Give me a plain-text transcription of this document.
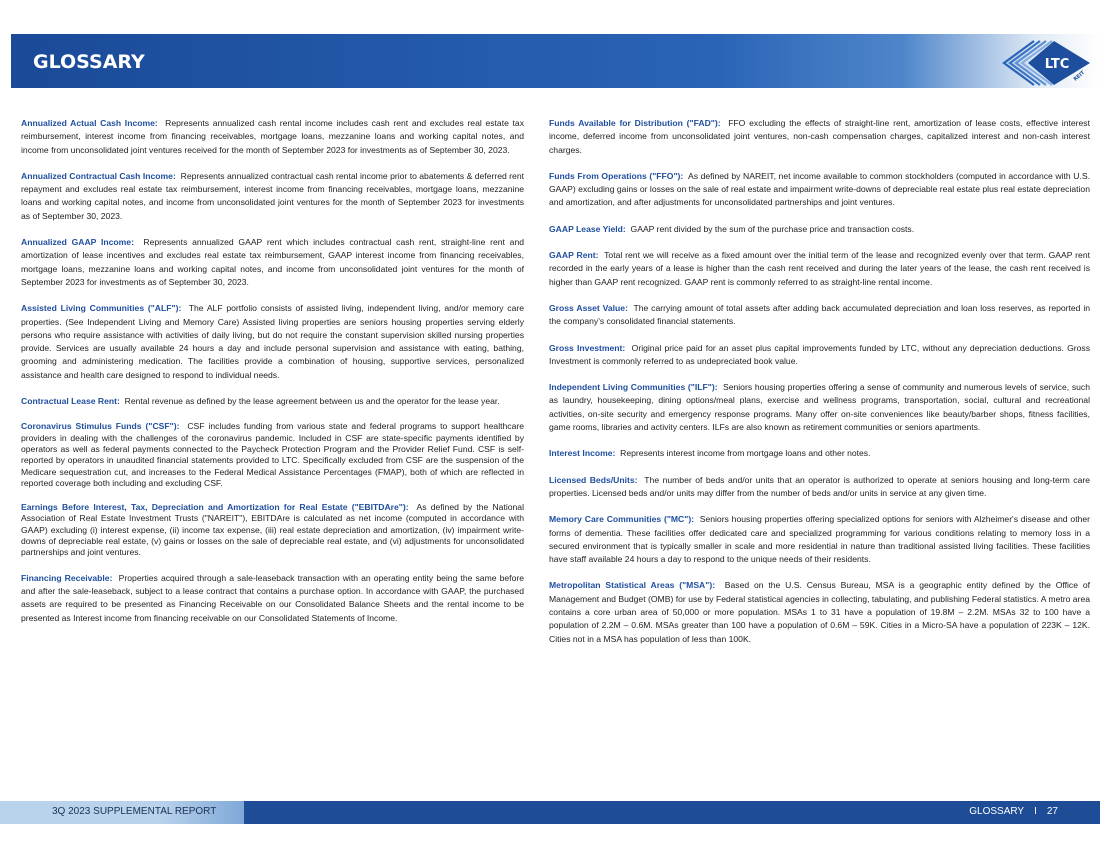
GLOSSARY	LTC
REIT
Annualized Actual Cash Income: Represents annualized cash rental income includes cash rent and excludes real estate tax reimbursement, interest income from financing receivables, mortgage loans, mezzanine loans and working capital notes, and income from unconsolidated joint ventures received for the month of September 2023 for investments as of September 30, 2023.
Annualized Contractual Cash Income: Represents annualized contractual cash rental income prior to abatements & deferred rent repayment and excludes real estate tax reimbursement, interest income from financing receivables, mortgage loans, mezzanine loans and working capital notes, and income from unconsolidated joint ventures for the month of September 2023 for investments as of September 30, 2023.
Annualized GAAP Income: Represents annualized GAAP rent which includes contractual cash rent, straight-line rent and amortization of lease incentives and excludes real estate tax reimbursement, GAAP interest income from financing receivables, mortgage loans, mezzanine loans and working capital notes, and income from unconsolidated joint ventures for the month of September 2023 for investments as of September 30, 2023.
Assisted Living Communities ("ALF"): The ALF portfolio consists of assisted living, independent living, and/or memory care properties. (See Independent Living and Memory Care) Assisted living properties are seniors housing properties serving elderly persons who require assistance with activities of daily living, but do not require the constant supervision skilled nursing properties provide. Services are usually available 24 hours a day and include personal supervision and assistance with eating, bathing, grooming and administering medication. The facilities provide a combination of housing, supportive services, personalized assistance and health care designed to respond to individual needs.
Contractual Lease Rent: Rental revenue as defined by the lease agreement between us and the operator for the lease year.
Coronavirus Stimulus Funds ("CSF"): CSF includes funding from various state and federal programs to support healthcare providers in dealing with the challenges of the coronavirus pandemic. Included in CSF are state-specific payments identified by operators as well as federal payments connected to the Paycheck Protection Program and the Provider Relief Fund. CSF is self-reported by operators in unaudited financial statements provided to LTC. Specifically excluded from CSF are the suspension of the Medicare sequestration cut, and increases to the Federal Medical Assistance Percentages (FMAP), both of which are reflected in reported coverage both including and excluding CSF.
Earnings Before Interest, Tax, Depreciation and Amortization for Real Estate ("EBITDAre"): As defined by the National Association of Real Estate Investment Trusts ("NAREIT"), EBITDAre is calculated as net income (computed in accordance with GAAP) excluding (i) interest expense, (ii) income tax expense, (iii) real estate depreciation and amortization, (iv) impairment write-downs of depreciable real estate, (v) gains or losses on the sale of depreciable real estate, and (vi) adjustments for unconsolidated partnerships and joint ventures.
Financing Receivable: Properties acquired through a sale-leaseback transaction with an operating entity being the same before and after the sale-leaseback, subject to a lease contract that contains a purchase option. In accordance with GAAP, the purchased assets are required to be presented as Financing Receivable on our Consolidated Balance Sheets and the rental income to be presented as Interest income from financing receivable on our Consolidated Statements of Income.
Funds Available for Distribution ("FAD"): FFO excluding the effects of straight-line rent, amortization of lease costs, effective interest income, deferred income from unconsolidated joint ventures, non-cash compensation charges, capitalized interest and non-cash interest charges.
Funds From Operations ("FFO"): As defined by NAREIT, net income available to common stockholders (computed in accordance with U.S. GAAP) excluding gains or losses on the sale of real estate and impairment write-downs of depreciable real estate plus real estate depreciation and amortization, and after adjustments for unconsolidated partnerships and joint ventures.
GAAP Lease Yield: GAAP rent divided by the sum of the purchase price and transaction costs.
GAAP Rent: Total rent we will receive as a fixed amount over the initial term of the lease and recognized evenly over that term. GAAP rent recorded in the early years of a lease is higher than the cash rent received and during the later years of the lease, the cash rent received is higher than GAAP rent recognized. GAAP rent is commonly referred to as straight-line rental income.
Gross Asset Value: The carrying amount of total assets after adding back accumulated depreciation and loan loss reserves, as reported in the company's consolidated financial statements.
Gross Investment: Original price paid for an asset plus capital improvements funded by LTC, without any depreciation deductions. Gross Investment is commonly referred to as undepreciated book value.
Independent Living Communities ("ILF"): Seniors housing properties offering a sense of community and numerous levels of service, such as laundry, housekeeping, dining options/meal plans, exercise and wellness programs, transportation, social, cultural and recreational activities, on-site security and emergency response programs. Many offer on-site conveniences like beauty/barber shops, fitness facilities, game rooms, libraries and activity centers. ILFs are also known as retirement communities or seniors apartments.
Interest Income: Represents interest income from mortgage loans and other notes.
Licensed Beds/Units: The number of beds and/or units that an operator is authorized to operate at seniors housing and long-term care properties. Licensed beds and/or units may differ from the number of beds and/or units in service at any given time.
Memory Care Communities ("MC"): Seniors housing properties offering specialized options for seniors with Alzheimer's disease and other forms of dementia. These facilities offer dedicated care and specialized programming for various conditions relating to memory loss in a secured environment that is typically smaller in scale and more residential in nature than traditional assisted living facilities. These facilities have staff available 24 hours a day to respond to the unique needs of their residents.
Metropolitan Statistical Areas ("MSA"): Based on the U.S. Census Bureau, MSA is a geographic entity defined by the Office of Management and Budget (OMB) for use by Federal statistical agencies in collecting, tabulating, and publishing Federal statistics. A metro area contains a core urban area of 50,000 or more population. MSAs 1 to 31 have a population of 19.8M – 2.2M. MSAs 32 to 100 have a population of 2.2M – 0.6M. MSAs greater than 100 have a population of 0.6M – 59K. Cities in a Micro-SA have a population of 223K – 12K. Cities not in a MSA has population of less than 100K.
3Q 2023 SUPPLEMENTAL REPORT	GLOSSARY I 27
